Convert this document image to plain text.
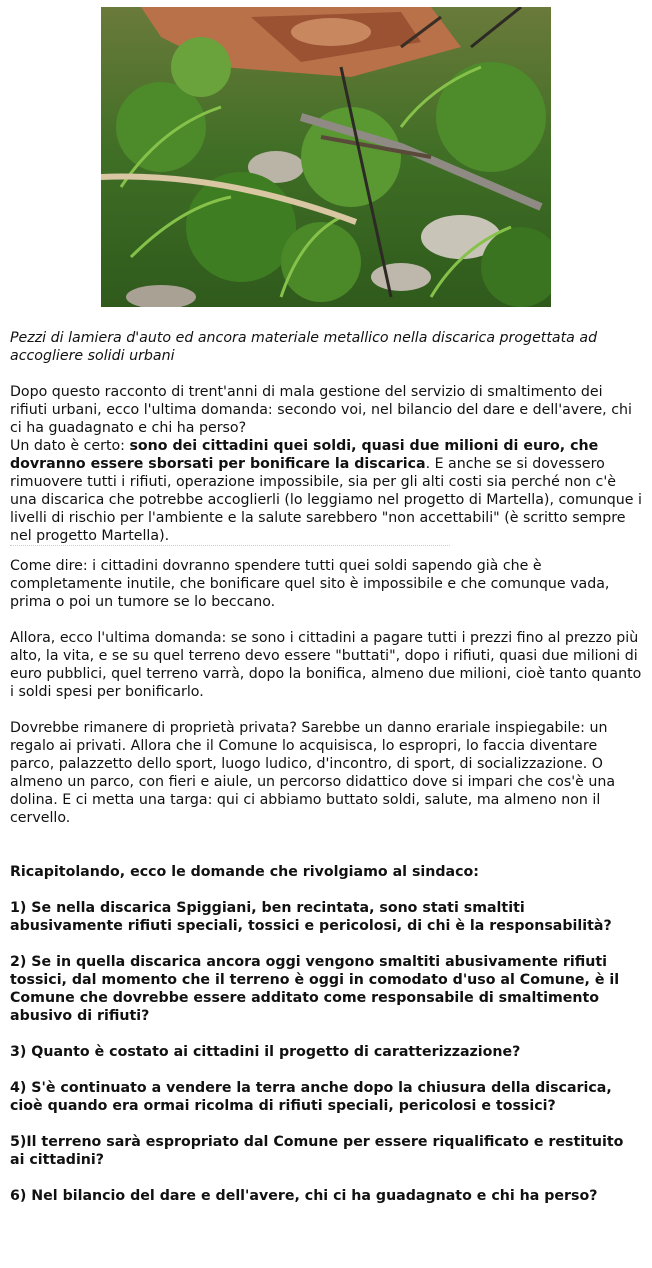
Pezzi di lamiera d'auto ed ancora materiale metallico nella discarica progettata ad accogliere solidi urbani

Dopo questo racconto di trent'anni di mala gestione del servizio di smaltimento dei rifiuti urbani, ecco l'ultima domanda: secondo voi, nel bilancio del dare e dell'avere, chi ci ha guadagnato e chi ha perso?

Un dato è certo: sono dei cittadini quei soldi, quasi due milioni di euro, che dovranno essere sborsati per bonificare la discarica. E anche se si dovessero rimuovere tutti i rifiuti, operazione impossibile, sia per gli alti costi sia perché non c'è una discarica che potrebbe accoglierli (lo leggiamo nel progetto di Martella), comunque i livelli di rischio per l'ambiente e la salute sarebbero "non accettabili" (è scritto sempre nel progetto Martella).

Come dire: i cittadini dovranno spendere tutti quei soldi sapendo già che è completamente inutile, che bonificare quel sito è impossibile e che comunque vada, prima o poi un tumore se lo beccano.

Allora, ecco l'ultima domanda: se sono i cittadini a pagare tutti i prezzi fino al prezzo più alto, la vita, e se su quel terreno devo essere "buttati", dopo i rifiuti, quasi due milioni di euro pubblici, quel terreno varrà, dopo la bonifica, almeno due milioni, cioè tanto quanto i soldi spesi per bonificarlo.

Dovrebbe rimanere di proprietà privata? Sarebbe un danno erariale inspiegabile: un regalo ai privati. Allora che il Comune lo acquisisca, lo espropri, lo faccia diventare parco, palazzetto dello sport, luogo ludico, d'incontro, di sport, di socializzazione. O almeno un parco, con fieri e aiule, un percorso didattico dove si impari che cos'è una dolina. E ci metta una targa: qui ci abbiamo buttato soldi, salute, ma almeno non il cervello.

Ricapitolando, ecco le domande che rivolgiamo al sindaco:

1) Se nella discarica Spiggiani, ben recintata, sono stati smaltiti abusivamente rifiuti speciali, tossici e pericolosi, di chi è la responsabilità?

2) Se in quella discarica ancora oggi vengono smaltiti abusivamente rifiuti tossici, dal momento che il terreno è oggi in comodato d'uso al Comune, è il Comune che dovrebbe essere additato come responsabile di smaltimento abusivo di rifiuti?

3) Quanto è costato ai cittadini il progetto di caratterizzazione?

4) S'è continuato a vendere la terra anche dopo la chiusura della discarica, cioè quando era ormai ricolma di rifiuti speciali, pericolosi e tossici?

5)Il terreno sarà espropriato dal Comune per essere riqualificato e restituito ai cittadini?

6) Nel bilancio del dare e dell'avere, chi ci ha guadagnato e chi ha perso?
